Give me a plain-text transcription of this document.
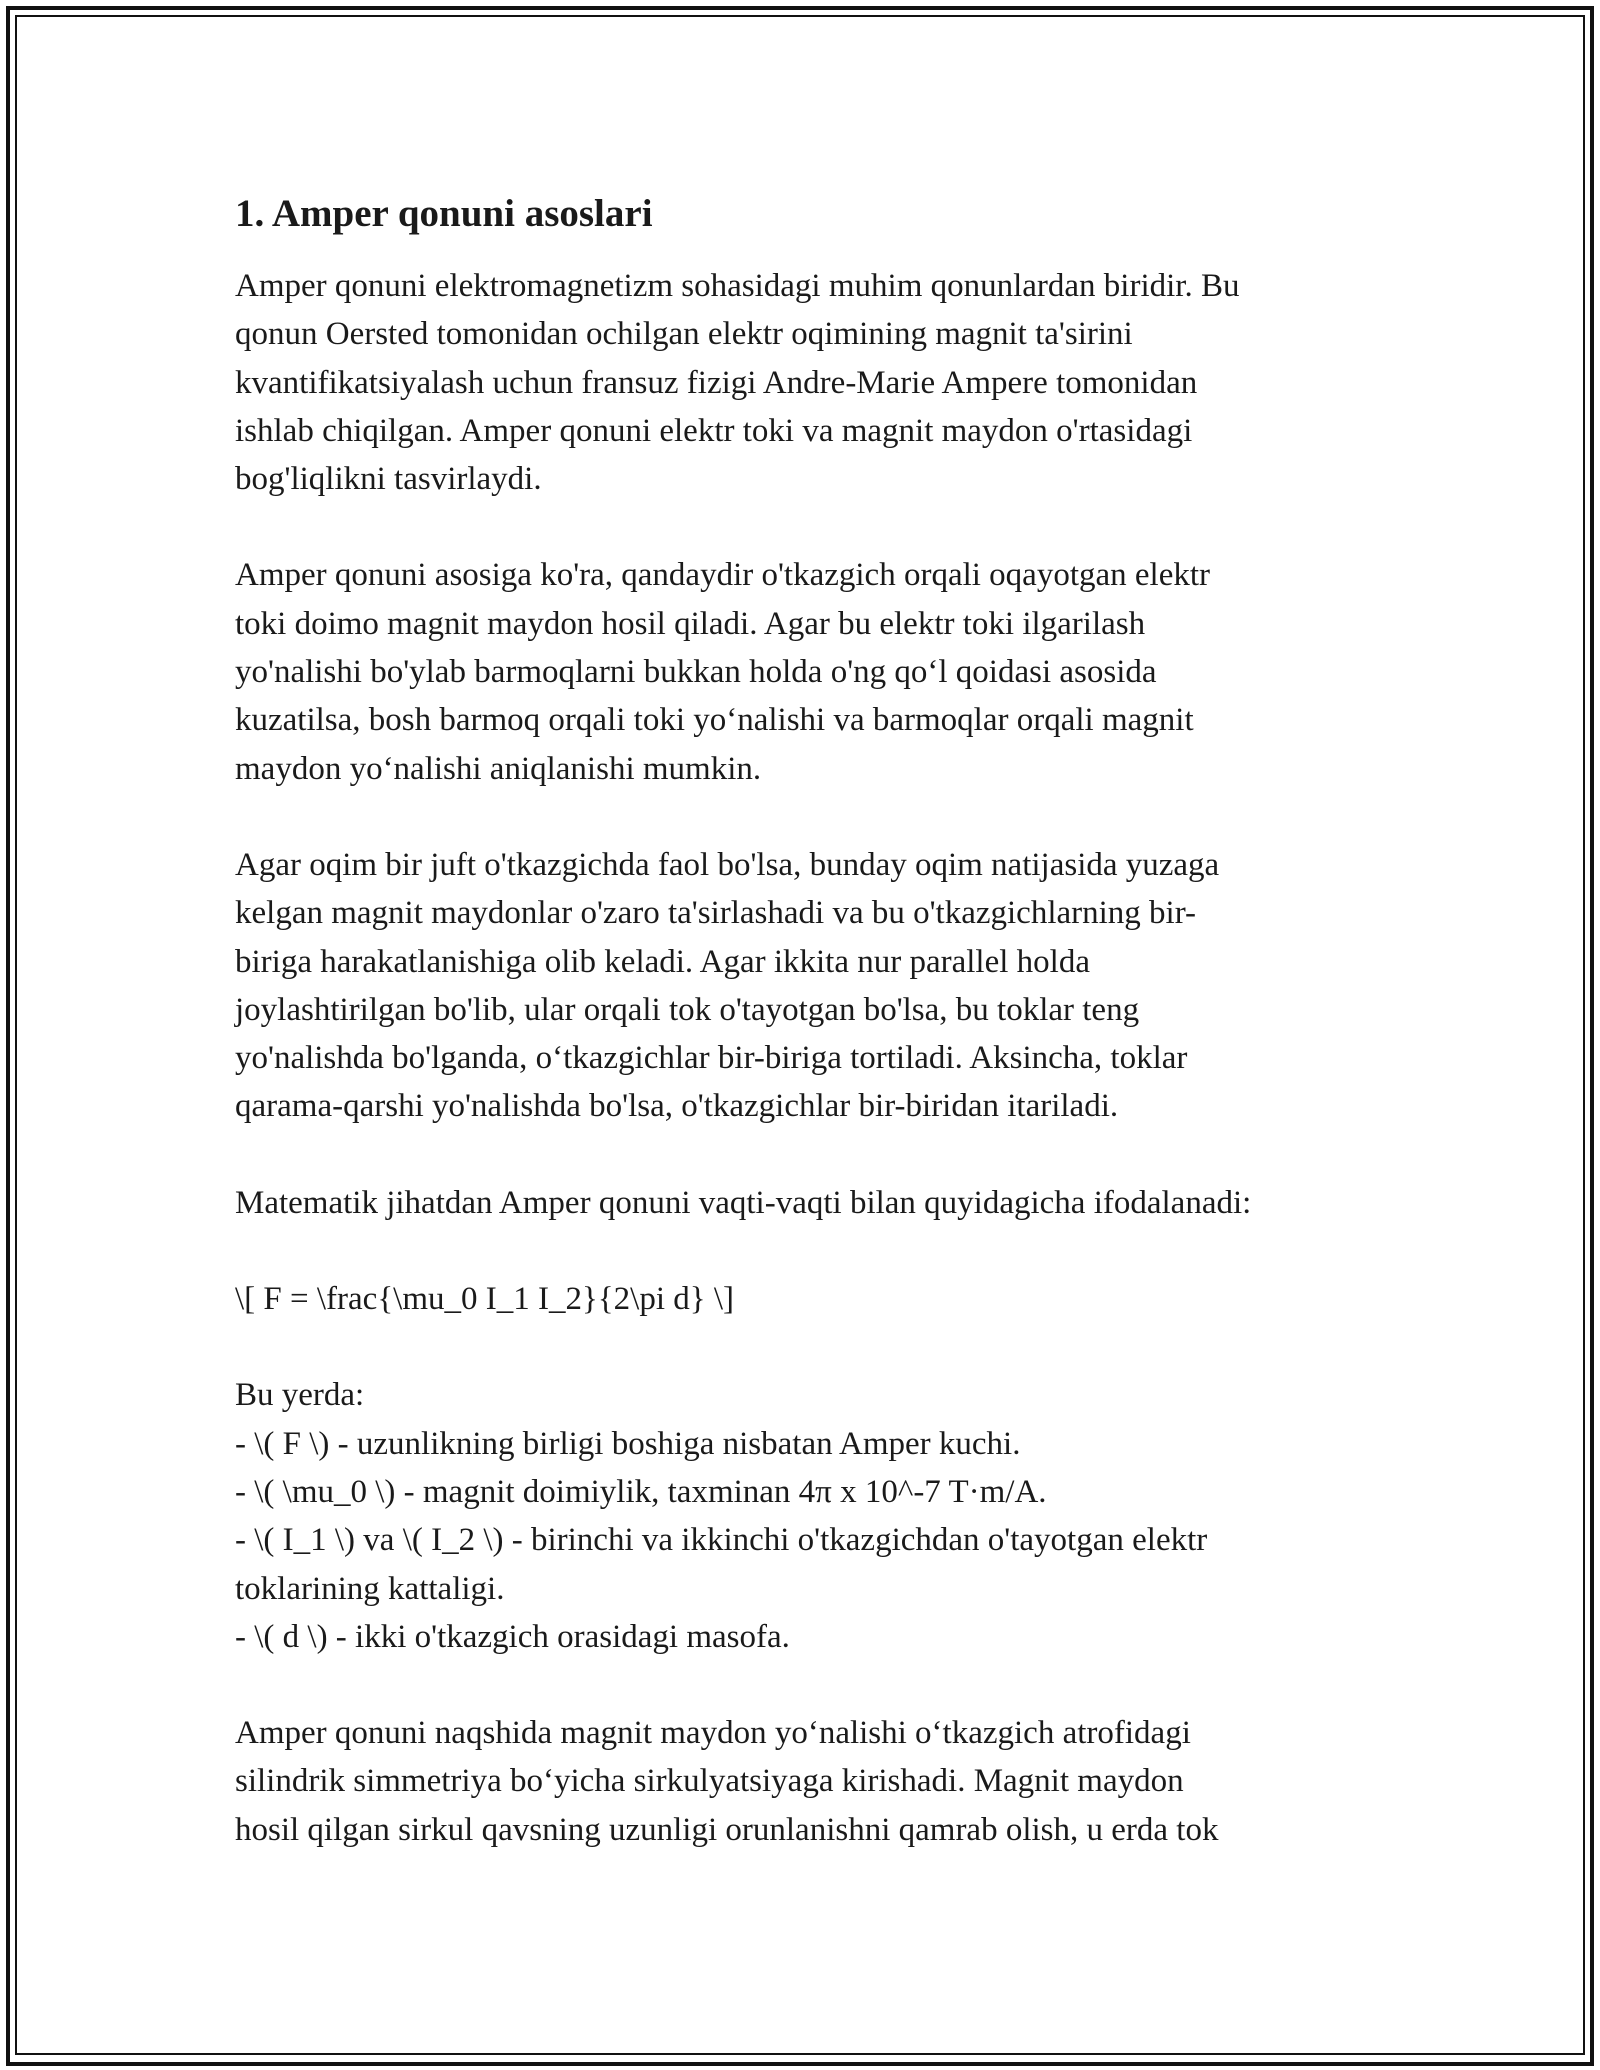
1. Amper qonuni asoslari

Amper qonuni elektromagnetizm sohasidagi muhim qonunlardan biridir. Bu
qonun Oersted tomonidan ochilgan elektr oqimining magnit ta'sirini
kvantifikatsiyalash uchun fransuz fizigi Andre-Marie Ampere tomonidan
ishlab chiqilgan. Amper qonuni elektr toki va magnit maydon o'rtasidagi
bog'liqlikni tasvirlaydi.

Amper qonuni asosiga ko'ra, qandaydir o'tkazgich orqali oqayotgan elektr
toki doimo magnit maydon hosil qiladi. Agar bu elektr toki ilgarilash
yo'nalishi bo'ylab barmoqlarni bukkan holda o'ng qo‘l qoidasi asosida
kuzatilsa, bosh barmoq orqali toki yo‘nalishi va barmoqlar orqali magnit
maydon yo‘nalishi aniqlanishi mumkin.

Agar oqim bir juft o'tkazgichda faol bo'lsa, bunday oqim natijasida yuzaga
kelgan magnit maydonlar o'zaro ta'sirlashadi va bu o'tkazgichlarning bir-
biriga harakatlanishiga olib keladi. Agar ikkita nur parallel holda
joylashtirilgan bo'lib, ular orqali tok o'tayotgan bo'lsa, bu toklar teng
yo'nalishda bo'lganda, o‘tkazgichlar bir-biriga tortiladi. Aksincha, toklar
qarama-qarshi yo'nalishda bo'lsa, o'tkazgichlar bir-biridan itariladi.

Matematik jihatdan Amper qonuni vaqti-vaqti bilan quyidagicha ifodalanadi:

\[ F = \frac{\mu_0 I_1 I_2}{2\pi d} \]

Bu yerda:
- \( F \) - uzunlikning birligi boshiga nisbatan Amper kuchi.
- \( \mu_0 \) - magnit doimiylik, taxminan 4π x 10^-7 T·m/A.
- \( I_1 \) va \( I_2 \) - birinchi va ikkinchi o'tkazgichdan o'tayotgan elektr
toklarining kattaligi.
- \( d \) - ikki o'tkazgich orasidagi masofa.

Amper qonuni naqshida magnit maydon yo‘nalishi o‘tkazgich atrofidagi
silindrik simmetriya bo‘yicha sirkulyatsiyaga kirishadi. Magnit maydon
hosil qilgan sirkul qavsning uzunligi orunlanishni qamrab olish, u erda tok
